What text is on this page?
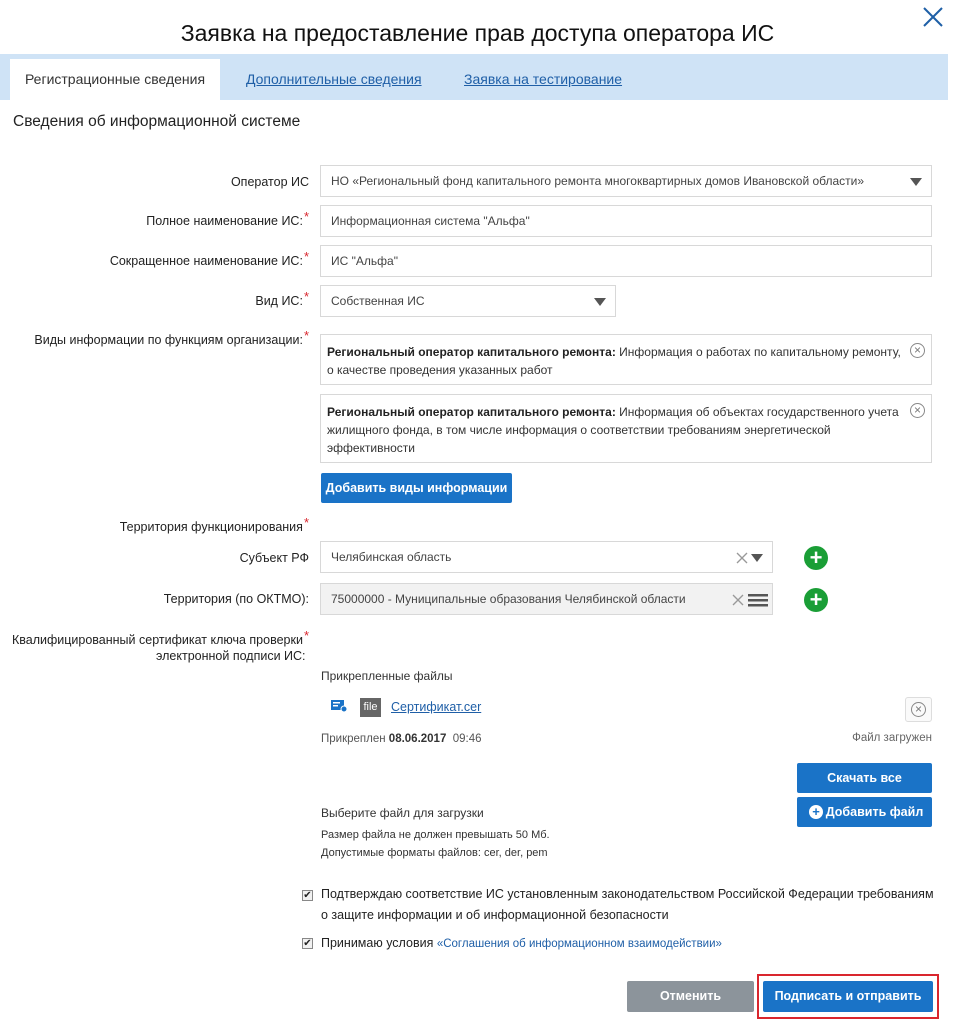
Заявка на предоставление прав доступа оператора ИС
Регистрационные сведения	Дополнительные сведения	Заявка на тестирование
Сведения об информационной системе
Оператор ИС НО «Региональный фонд капитального ремонта многоквартирных домов Ивановской области»
Полное наименование ИС:* Информационная система "Альфа"
Сокращенное наименование ИС:* ИС "Альфа"
Вид ИС:* Собственная ИС
Виды информации по функциям организации:*
Региональный оператор капитального ремонта: Информация о работах по капитальному ремонту, о качестве проведения указанных работ
×
Региональный оператор капитального ремонта: Информация об объектах государственного учета жилищного фонда, в том числе информация о соответствии требованиям энергетической эффективности
×
Добавить виды информации
Территория функционирования*
Субъект РФ Челябинская область	+
Территория (по ОКТМО): 75000000 - Муниципальные образования Челябинской области	+
Квалифицированный сертификат ключа проверки*
электронной подписи ИС:
Прикрепленные файлы
file Сертификат.cer	×
Прикреплен 08.06.2017 09:46	Файл загружен
Скачать все
+ Добавить файл
Выберите файл для загрузки
Размер файла не должен превышать 50 Мб.
Допустимые форматы файлов: cer, der, pem
✔ Подтверждаю соответствие ИС установленным законодательством Российской Федерации требованиям о защите информации и об информационной безопасности
✔ Принимаю условия «Соглашения об информационном взаимодействии»
Отменить	Подписать и отправить
